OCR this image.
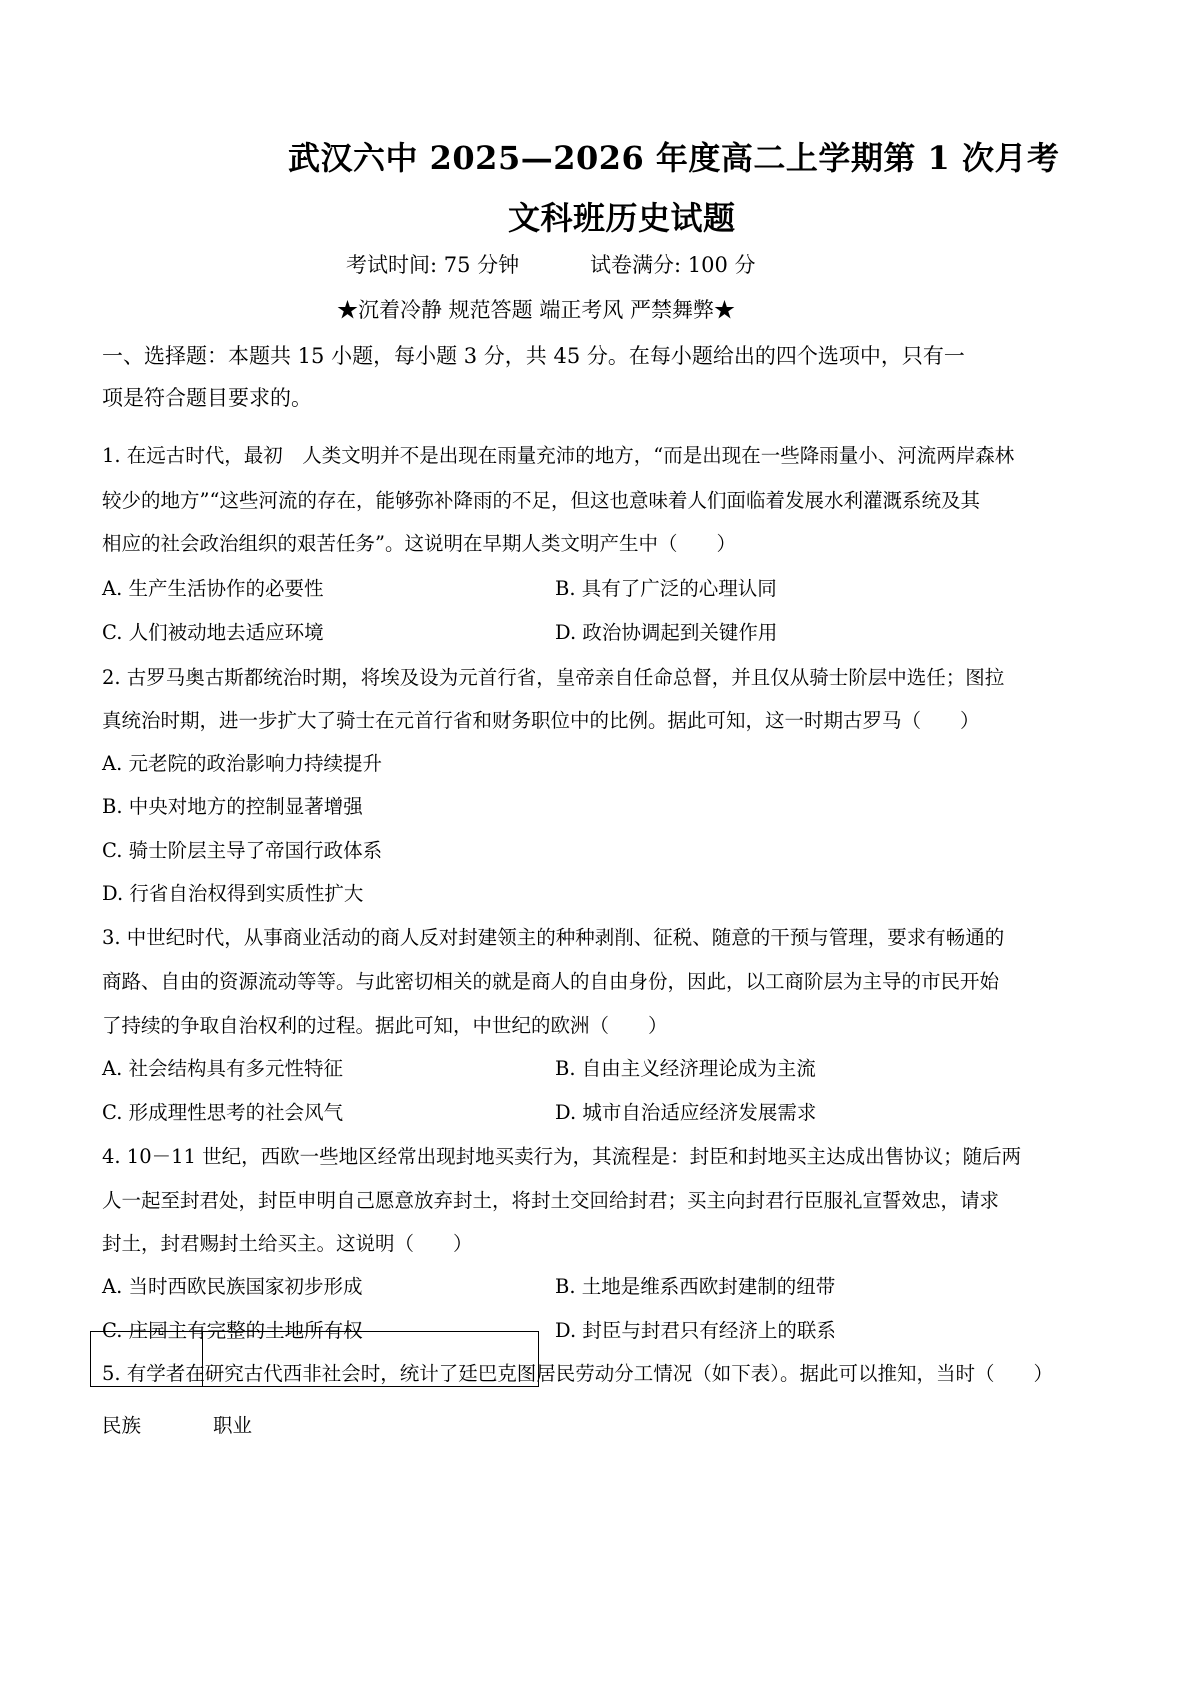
武汉六中 2025—2026 年度高二上学期第 1 次月考
文科班历史试题
考试时间: 75 分钟	试卷满分: 100 分
★沉着冷静 规范答题 端正考风 严禁舞弊★
一、选择题：本题共 15 小题，每小题 3 分，共 45 分。在每小题给出的四个选项中，只有一
项是符合题目要求的。
1. 在远古时代，最初　人类文明并不是出现在雨量充沛的地方，“而是出现在一些降雨量小、河流两岸森林
较少的地方”“这些河流的存在，能够弥补降雨的不足，但这也意味着人们面临着发展水利灌溉系统及其
相应的社会政治组织的艰苦任务”。这说明在早期人类文明产生中（　　）
A. 生产生活协作的必要性	B. 具有了广泛的心理认同
C. 人们被动地去适应环境	D. 政治协调起到关键作用
2. 古罗马奥古斯都统治时期，将埃及设为元首行省，皇帝亲自任命总督，并且仅从骑士阶层中选任；图拉
真统治时期，进一步扩大了骑士在元首行省和财务职位中的比例。据此可知，这一时期古罗马（　　）
A. 元老院的政治影响力持续提升
B. 中央对地方的控制显著增强
C. 骑士阶层主导了帝国行政体系
D. 行省自治权得到实质性扩大
3. 中世纪时代，从事商业活动的商人反对封建领主的种种剥削、征税、随意的干预与管理，要求有畅通的
商路、自由的资源流动等等。与此密切相关的就是商人的自由身份，因此，以工商阶层为主导的市民开始
了持续的争取自治权利的过程。据此可知，中世纪的欧洲（　　）
A. 社会结构具有多元性特征	B. 自由主义经济理论成为主流
C. 形成理性思考的社会风气	D. 城市自治适应经济发展需求
4. 10－11 世纪，西欧一些地区经常出现封地买卖行为，其流程是：封臣和封地买主达成出售协议；随后两
人一起至封君处，封臣申明自己愿意放弃封土，将封土交回给封君；买主向封君行臣服礼宣誓效忠，请求
封土，封君赐封土给买主。这说明（　　）
A. 当时西欧民族国家初步形成	B. 土地是维系西欧封建制的纽带
C. 庄园主有完整的土地所有权	D. 封臣与封君只有经济上的联系
5. 有学者在研究古代西非社会时，统计了廷巴克图居民劳动分工情况（如下表）。据此可以推知，当时（　　）
民族	职业
